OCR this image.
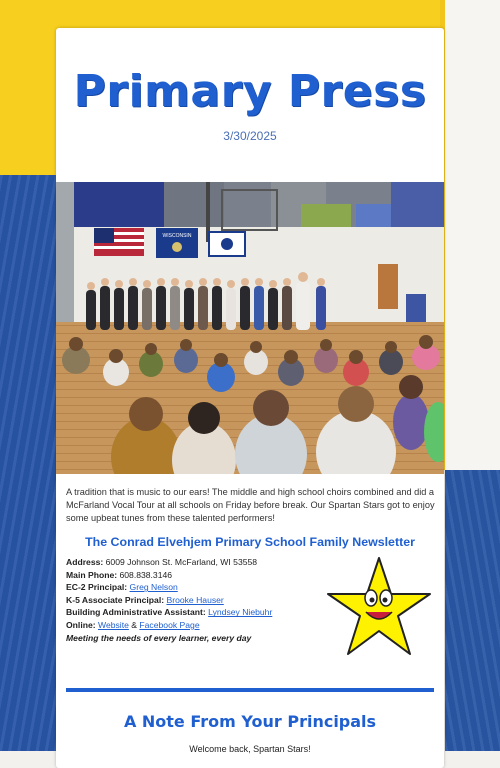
Primary Press
3/30/2025
WISCONSIN
A tradition that is music to our ears! The middle and high school choirs combined and did a McFarland Vocal Tour at all schools on Friday before break. Our Spartan Stars got to enjoy some upbeat tunes from these talented performers!
The Conrad Elvehjem Primary School Family Newsletter
Address: 6009 Johnson St. McFarland, WI 53558
Main Phone: 608.838.3146
EC-2 Principal: Greg Nelson
K-5 Associate Principal: Brooke Hauser
Building Administrative Assistant: Lyndsey Niebuhr
Online: Website & Facebook Page
Meeting the needs of every learner, every day
A Note From Your Principals
Welcome back, Spartan Stars!
